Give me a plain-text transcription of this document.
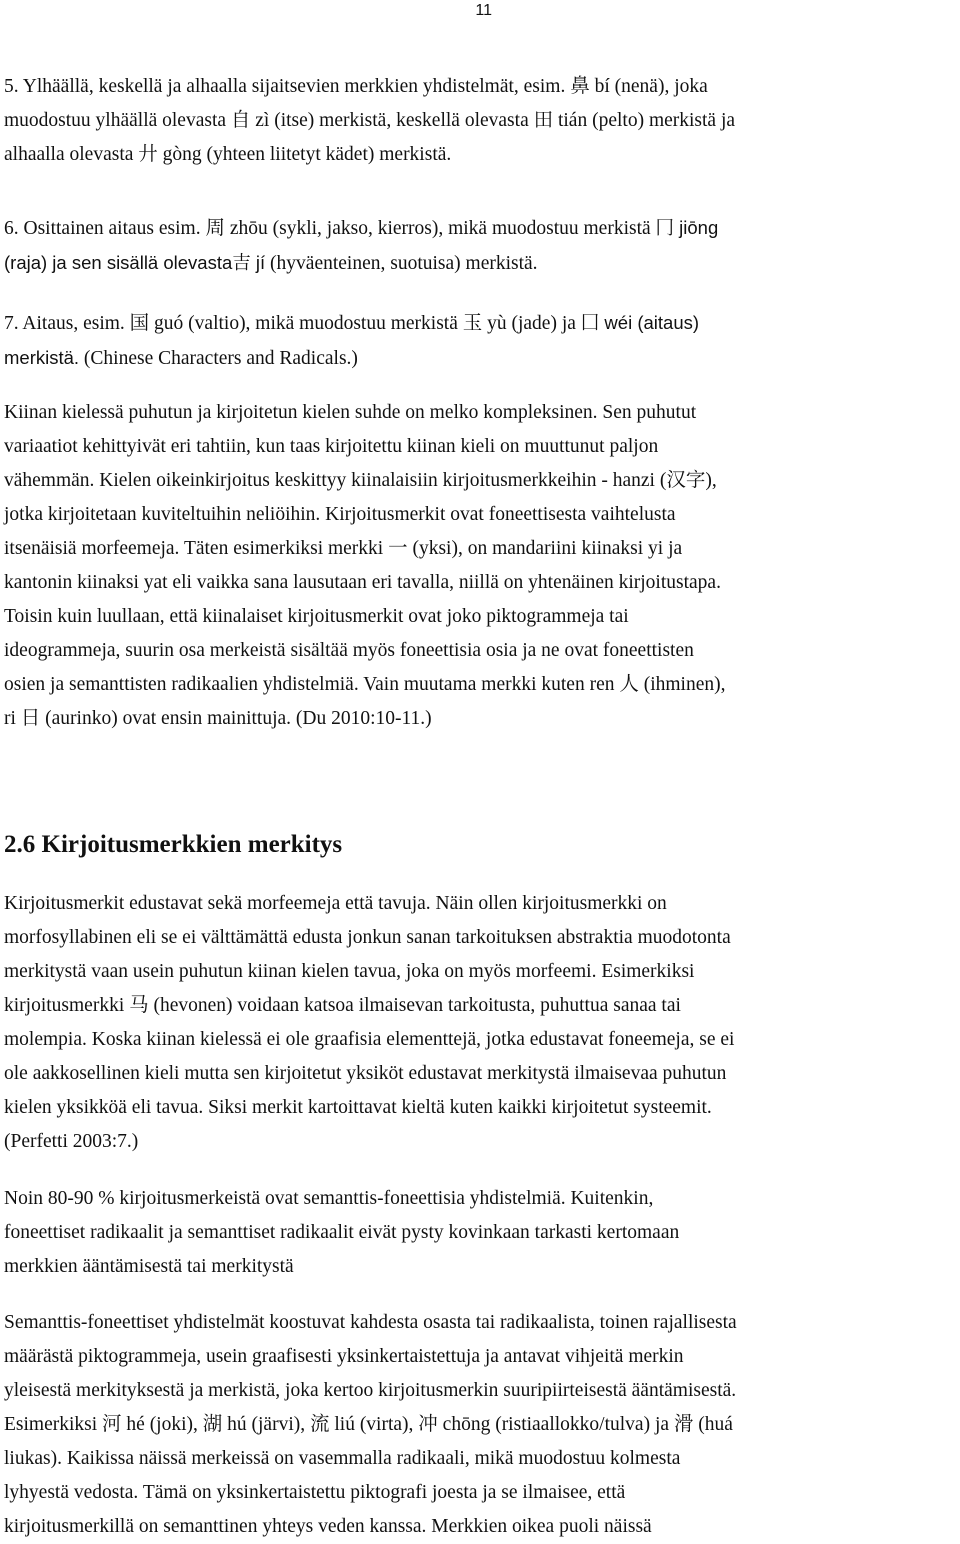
11

5. Ylhäällä, keskellä ja alhaalla sijaitsevien merkkien yhdistelmät, esim. 鼻 bí (nenä), joka
muodostuu ylhäällä olevasta 自 zì (itse) merkistä, keskellä olevasta 田 tián (pelto) merkistä ja
alhaalla olevasta 廾 gòng (yhteen liitetyt kädet) merkistä.

6. Osittainen aitaus esim. 周 zhōu (sykli, jakso, kierros), mikä muodostuu merkistä 冂 jiōng
(raja) ja sen sisällä olevasta吉 jí (hyväenteinen, suotuisa) merkistä.

7. Aitaus, esim. 国 guó (valtio), mikä muodostuu merkistä 玉 yù (jade) ja 囗 wéi (aitaus)
merkistä. (Chinese Characters and Radicals.)

Kiinan kielessä puhutun ja kirjoitetun kielen suhde on melko kompleksinen. Sen puhutut
variaatiot kehittyivät eri tahtiin, kun taas kirjoitettu kiinan kieli on muuttunut paljon
vähemmän. Kielen oikeinkirjoitus keskittyy kiinalaisiin kirjoitusmerkkeihin - hanzi (汉字),
jotka kirjoitetaan kuviteltuihin neliöihin. Kirjoitusmerkit ovat foneettisesta vaihtelusta
itsenäisiä morfeemeja. Täten esimerkiksi merkki 一 (yksi), on mandariini kiinaksi yi ja
kantonin kiinaksi yat eli vaikka sana lausutaan eri tavalla, niillä on yhtenäinen kirjoitustapa.
Toisin kuin luullaan, että kiinalaiset kirjoitusmerkit ovat joko piktogrammeja tai
ideogrammeja, suurin osa merkeistä sisältää myös foneettisia osia ja ne ovat foneettisten
osien ja semanttisten radikaalien yhdistelmiä. Vain muutama merkki kuten ren 人 (ihminen),
ri 日 (aurinko) ovat ensin mainittuja. (Du 2010:10-11.)

2.6 Kirjoitusmerkkien merkitys

Kirjoitusmerkit edustavat sekä morfeemeja että tavuja. Näin ollen kirjoitusmerkki on
morfosyllabinen eli se ei välttämättä edusta jonkun sanan tarkoituksen abstraktia muodotonta
merkitystä vaan usein puhutun kiinan kielen tavua, joka on myös morfeemi. Esimerkiksi
kirjoitusmerkki 马 (hevonen) voidaan katsoa ilmaisevan tarkoitusta, puhuttua sanaa tai
molempia. Koska kiinan kielessä ei ole graafisia elementtejä, jotka edustavat foneemeja, se ei
ole aakkosellinen kieli mutta sen kirjoitetut yksiköt edustavat merkitystä ilmaisevaa puhutun
kielen yksikköä eli tavua. Siksi merkit kartoittavat kieltä kuten kaikki kirjoitetut systeemit.
(Perfetti 2003:7.)

Noin 80-90 % kirjoitusmerkeistä ovat semanttis-foneettisia yhdistelmiä. Kuitenkin,
foneettiset radikaalit ja semanttiset radikaalit eivät pysty kovinkaan tarkasti kertomaan
merkkien ääntämisestä tai merkitystä

Semanttis-foneettiset yhdistelmät koostuvat kahdesta osasta tai radikaalista, toinen rajallisesta
määrästä piktogrammeja, usein graafisesti yksinkertaistettuja ja antavat vihjeitä merkin
yleisestä merkityksestä ja merkistä, joka kertoo kirjoitusmerkin suuripiirteisestä ääntämisestä.
Esimerkiksi 河 hé (joki), 湖 hú (järvi), 流 liú (virta), 冲 chōng (ristiaallokko/tulva) ja 滑 (huá
liukas). Kaikissa näissä merkeissä on vasemmalla radikaali, mikä muodostuu kolmesta
lyhyestä vedosta. Tämä on yksinkertaistettu piktografi joesta ja se ilmaisee, että
kirjoitusmerkillä on semanttinen yhteys veden kanssa. Merkkien oikea puoli näissä
